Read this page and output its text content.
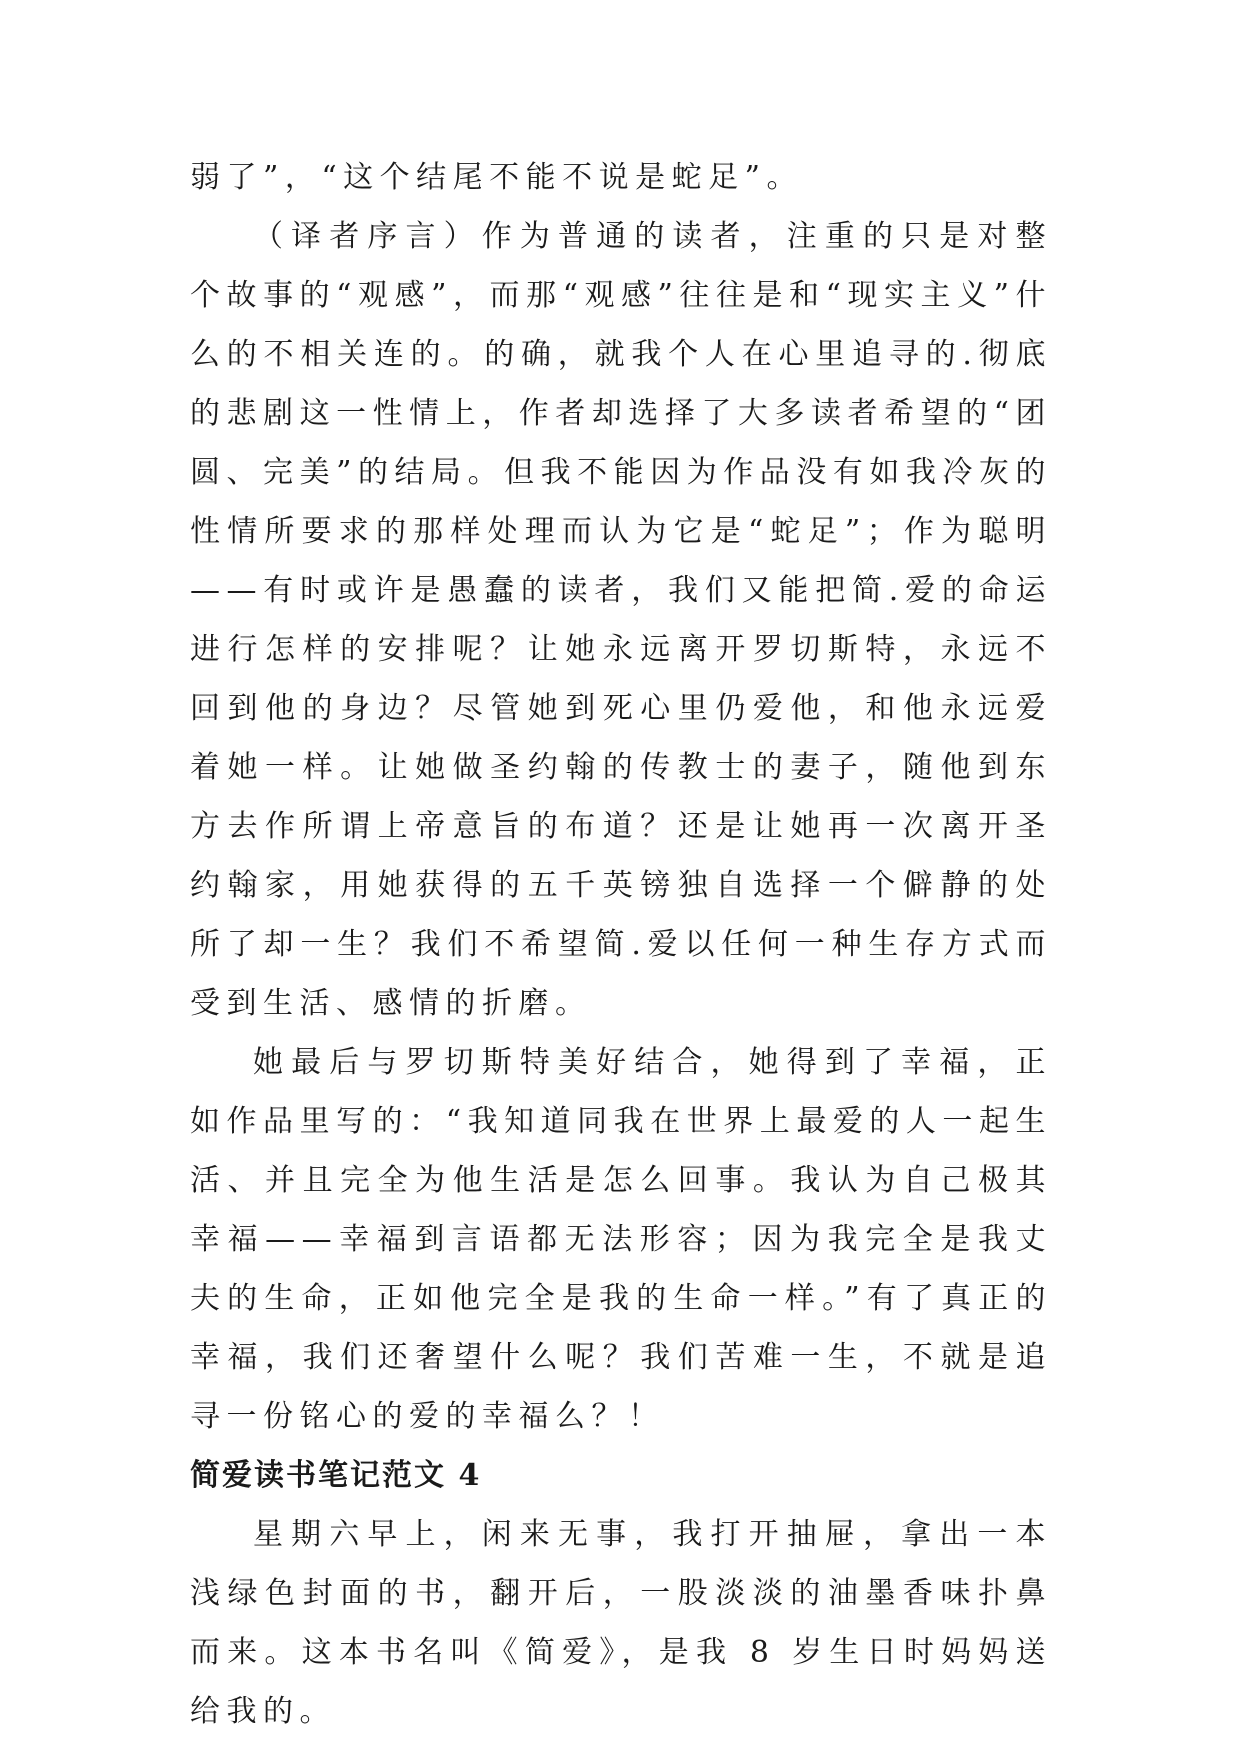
弱了”，“这个结尾不能不说是蛇足”。

（译者序言）作为普通的读者，注重的只是对整个故事的“观感”，而那“观感”往往是和“现实主义”什么的不相关连的。的确，就我个人在心里追寻的.彻底的悲剧这一性情上，作者却选择了大多读者希望的“团圆、完美”的结局。但我不能因为作品没有如我冷灰的性情所要求的那样处理而认为它是“蛇足”；作为聪明——有时或许是愚蠢的读者，我们又能把简.爱的命运进行怎样的安排呢？让她永远离开罗切斯特，永远不回到他的身边？尽管她到死心里仍爱他，和他永远爱着她一样。让她做圣约翰的传教士的妻子，随他到东方去作所谓上帝意旨的布道？还是让她再一次离开圣约翰家，用她获得的五千英镑独自选择一个僻静的处所了却一生？我们不希望简.爱以任何一种生存方式而受到生活、感情的折磨。

她最后与罗切斯特美好结合，她得到了幸福，正如作品里写的：“我知道同我在世界上最爱的人一起生活、并且完全为他生活是怎么回事。我认为自己极其幸福——幸福到言语都无法形容；因为我完全是我丈夫的生命，正如他完全是我的生命一样。”有了真正的幸福，我们还奢望什么呢？我们苦难一生，不就是追寻一份铭心的爱的幸福么？！

简爱读书笔记范文 4

星期六早上，闲来无事，我打开抽屉，拿出一本浅绿色封面的书，翻开后，一股淡淡的油墨香味扑鼻而来。这本书名叫《简爱》，是我 8 岁生日时妈妈送给我的。
